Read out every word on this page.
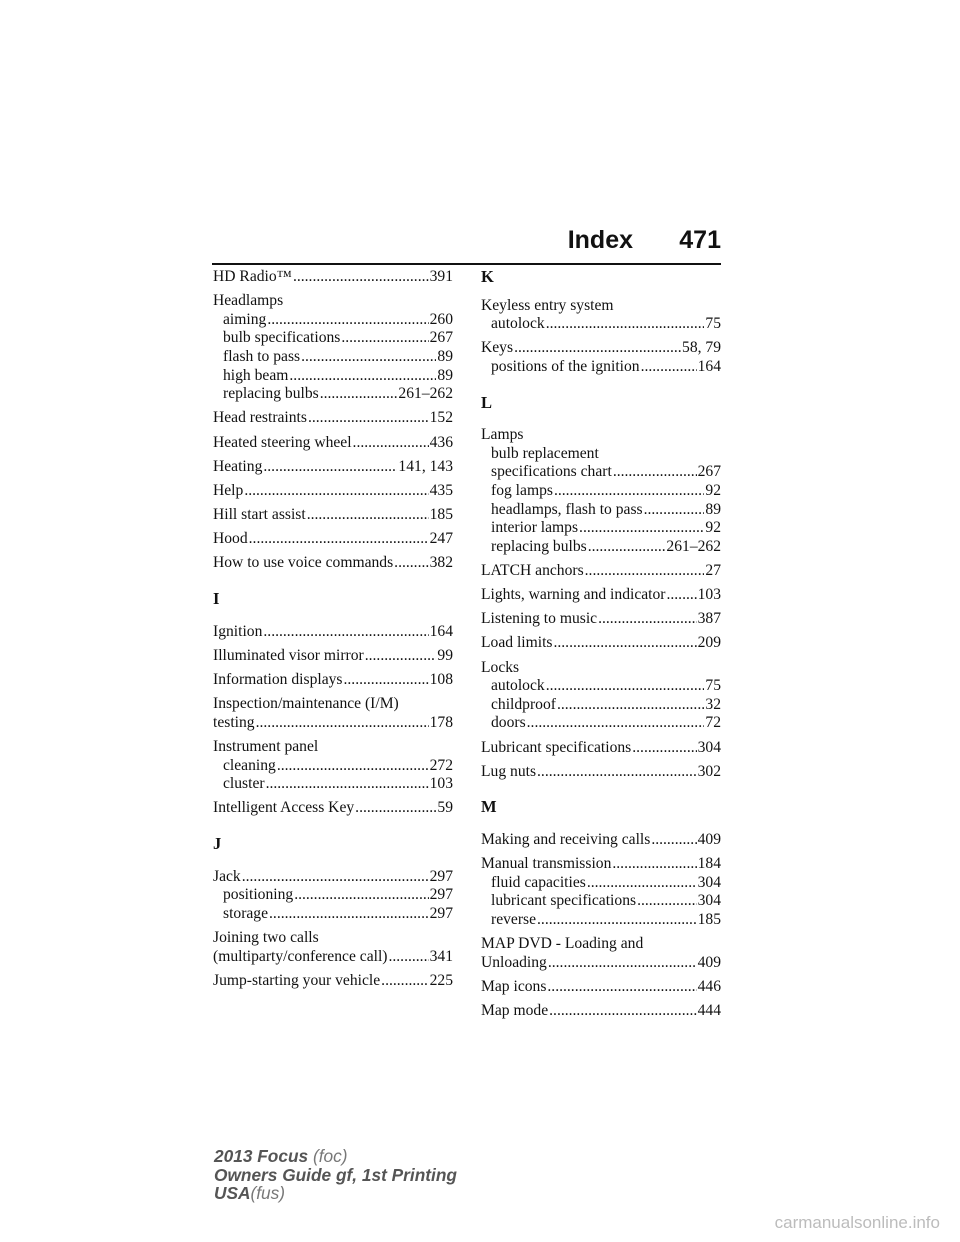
Index 471
HD Radio™ .....	391
Headlamps
aiming .....	260
bulb specifications .....	267
flash to pass .....	89
high beam .....	89
replacing bulbs .....	261–262
Head restraints .....	152
Heated steering wheel .....	436
Heating .....	141, 143
Help .....	435
Hill start assist .....	185
Hood .....	247
How to use voice commands ..... 382
I
Ignition .....	164
Illuminated visor mirror .....	99
Information displays .....	108
Inspection/maintenance (I/M)
testing .....	178
Instrument panel
cleaning .....	272
cluster .....	103
Intelligent Access Key .....	59
J
Jack .....	297
positioning .....	297
storage .....	297
Joining two calls
(multiparty/conference call) .....	341
Jump-starting your vehicle .....	225
K
Keyless entry system
autolock .....	75
Keys .....	58, 79
positions of the ignition .....	164
L
Lamps
bulb replacement
specifications chart .....	267
fog lamps .....	92
headlamps, flash to pass .....	89
interior lamps .....	92
replacing bulbs .....	261–262
LATCH anchors .....	27
Lights, warning and indicator ..... 103
Listening to music .....	387
Load limits .....	209
Locks
autolock .....	75
childproof .....	32
doors .....	72
Lubricant specifications .....	304
Lug nuts .....	302
M
Making and receiving calls .....	409
Manual transmission .....	184
fluid capacities .....	304
lubricant specifications .....	304
reverse .....	185
MAP DVD - Loading and
Unloading .....	409
Map icons .....	446
Map mode .....	444
2013 Focus (foc)
Owners Guide gf, 1st Printing
USA(fus)
carmanualsonline.info
